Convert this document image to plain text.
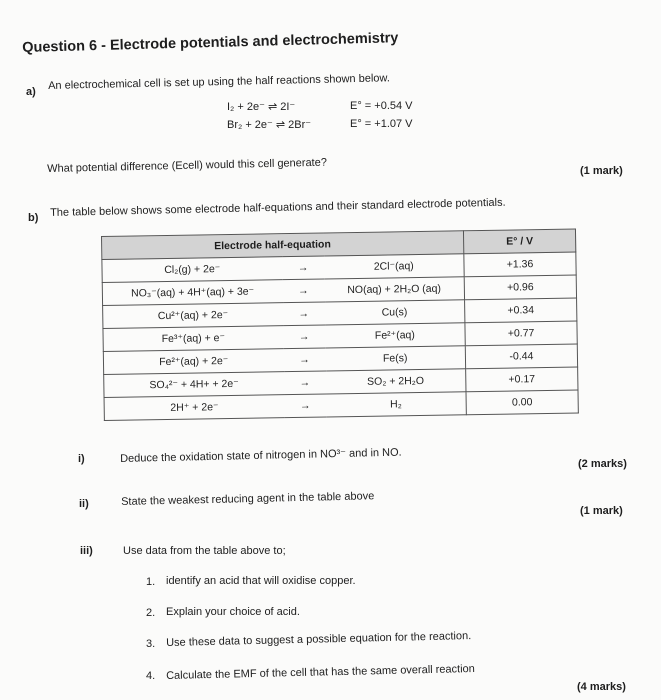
Question 6 - Electrode potentials and electrochemistry
a)
An electrochemical cell is set up using the half reactions shown below.
I₂ + 2e⁻ ⇌ 2I⁻	E° = +0.54 V
Br₂ + 2e⁻ ⇌ 2Br⁻	E° = +1.07 V
What potential difference (Ecell) would this cell generate?	(1 mark)
b) The table below shows some electrode half-equations and their standard electrode potentials.
Electrode half-equation			E° / V
Cl₂(g) + 2e⁻	→	2Cl⁻(aq)	+1.36
NO₃⁻(aq) + 4H⁺(aq) + 3e⁻	→	NO(aq) + 2H₂O (aq)	+0.96
Cu²⁺(aq) + 2e⁻	→	Cu(s)	+0.34
Fe³⁺(aq) + e⁻	→	Fe²⁺(aq)	+0.77
Fe²⁺(aq) + 2e⁻	→	Fe(s)	-0.44
SO₄²⁻ + 4H+ + 2e⁻	→	SO₂ + 2H₂O	+0.17
2H⁺ + 2e⁻	→	H₂	0.00
i)	Deduce the oxidation state of nitrogen in NO³⁻ and in NO.	(2 marks)
ii)	State the weakest reducing agent in the table above
(1 mark)
iii)	Use data from the table above to;
1. identify an acid that will oxidise copper.
2. Explain your choice of acid.
3. Use these data to suggest a possible equation for the reaction.
4. Calculate the EMF of the cell that has the same overall reaction
(4 marks)
